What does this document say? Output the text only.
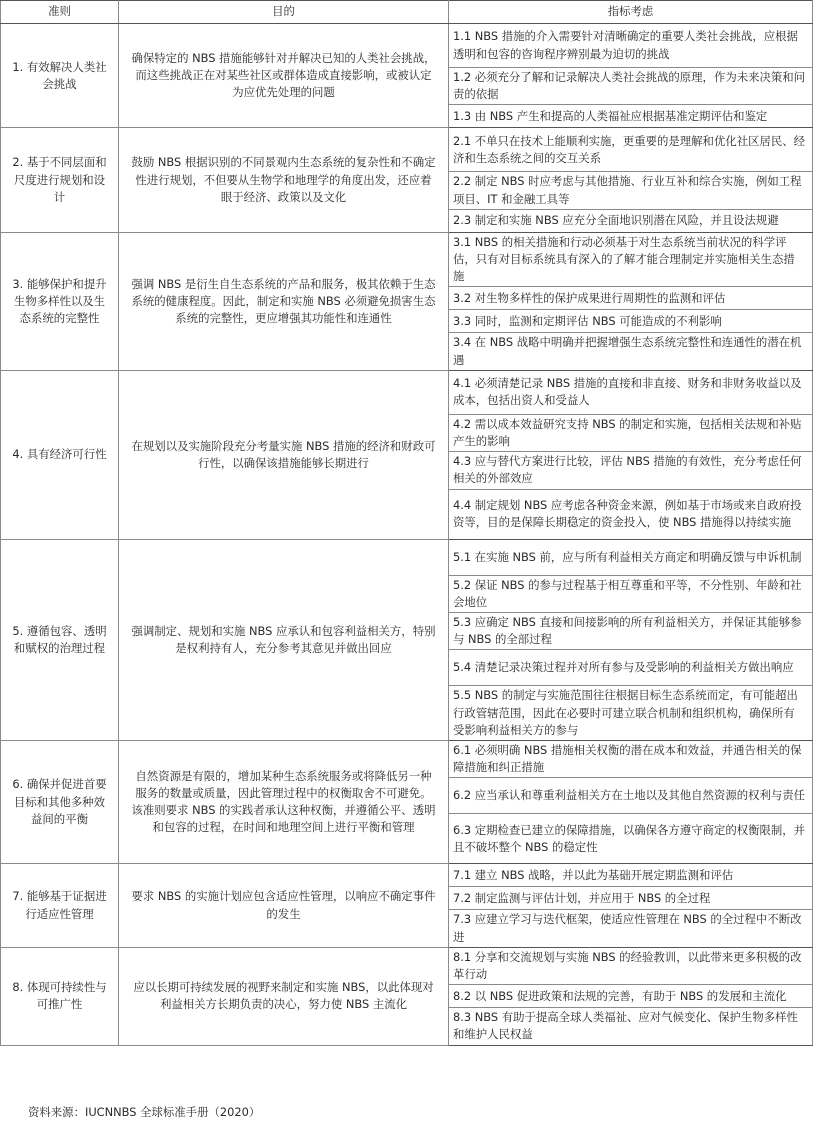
准则	目的	指标考虑
1. 有效解决人类社会挑战	确保特定的 NBS 措施能够针对并解决已知的人类社会挑战，而这些挑战正在对某些社区或群体造成直接影响，或被认定为应优先处理的问题	1.1 NBS 措施的介入需要针对清晰确定的重要人类社会挑战，应根据透明和包容的咨询程序辨别最为迫切的挑战
		1.2 必须充分了解和记录解决人类社会挑战的原理，作为未来决策和问责的依据
		1.3 由 NBS 产生和提高的人类福祉应根据基准定期评估和鉴定
2. 基于不同层面和尺度进行规划和设计	鼓励 NBS 根据识别的不同景观内生态系统的复杂性和不确定性进行规划，不但要从生物学和地理学的角度出发，还应着眼于经济、政策以及文化	2.1 不单只在技术上能顺利实施，更重要的是理解和优化社区居民、经济和生态系统之间的交互关系
		2.2 制定 NBS 时应考虑与其他措施、行业互补和综合实施，例如工程项目、IT 和金融工具等
		2.3 制定和实施 NBS 应充分全面地识别潜在风险，并且设法规避
3. 能够保护和提升生物多样性以及生态系统的完整性	强调 NBS 是衍生自生态系统的产品和服务，极其依赖于生态系统的健康程度。因此，制定和实施 NBS 必须避免损害生态系统的完整性，更应增强其功能性和连通性	3.1 NBS 的相关措施和行动必须基于对生态系统当前状况的科学评估，只有对目标系统具有深入的了解才能合理制定并实施相关生态措施
		3.2 对生物多样性的保护成果进行周期性的监测和评估
		3.3 同时，监测和定期评估 NBS 可能造成的不利影响
		3.4 在 NBS 战略中明确并把握增强生态系统完整性和连通性的潜在机遇
4. 具有经济可行性	在规划以及实施阶段充分考量实施 NBS 措施的经济和财政可行性，以确保该措施能够长期进行	4.1 必须清楚记录 NBS 措施的直接和非直接、财务和非财务收益以及成本，包括出资人和受益人
		4.2 需以成本效益研究支持 NBS 的制定和实施，包括相关法规和补贴产生的影响
		4.3 应与替代方案进行比较，评估 NBS 措施的有效性，充分考虑任何相关的外部效应
		4.4 制定规划 NBS 应考虑各种资金来源，例如基于市场或来自政府投资等，目的是保障长期稳定的资金投入，使 NBS 措施得以持续实施
5. 遵循包容、透明和赋权的治理过程	强调制定、规划和实施 NBS 应承认和包容利益相关方，特别是权利持有人，充分参考其意见并做出回应	5.1 在实施 NBS 前，应与所有利益相关方商定和明确反馈与申诉机制
		5.2 保证 NBS 的参与过程基于相互尊重和平等，不分性别、年龄和社会地位
		5.3 应确定 NBS 直接和间接影响的所有利益相关方，并保证其能够参与 NBS 的全部过程
		5.4 清楚记录决策过程并对所有参与及受影响的利益相关方做出响应
		5.5 NBS 的制定与实施范围往往根据目标生态系统而定，有可能超出行政管辖范围，因此在必要时可建立联合机制和组织机构，确保所有受影响利益相关方的参与
6. 确保并促进首要目标和其他多种效益间的平衡	自然资源是有限的，增加某种生态系统服务或将降低另一种服务的数量或质量，因此管理过程中的权衡取舍不可避免。该准则要求 NBS 的实践者承认这种权衡，并遵循公平、透明和包容的过程，在时间和地理空间上进行平衡和管理	6.1 必须明确 NBS 措施相关权衡的潜在成本和效益，并通告相关的保障措施和纠正措施
		6.2 应当承认和尊重利益相关方在土地以及其他自然资源的权利与责任
		6.3 定期检查已建立的保障措施，以确保各方遵守商定的权衡限制，并且不破坏整个 NBS 的稳定性
7. 能够基于证据进行适应性管理	要求 NBS 的实施计划应包含适应性管理，以响应不确定事件的发生	7.1 建立 NBS 战略，并以此为基础开展定期监测和评估
		7.2 制定监测与评估计划，并应用于 NBS 的全过程
		7.3 应建立学习与迭代框架，使适应性管理在 NBS 的全过程中不断改进
8. 体现可持续性与可推广性	应以长期可持续发展的视野来制定和实施 NBS，以此体现对利益相关方长期负责的决心，努力使 NBS 主流化	8.1 分享和交流规划与实施 NBS 的经验教训，以此带来更多积极的改革行动
		8.2 以 NBS 促进政策和法规的完善，有助于 NBS 的发展和主流化
		8.3 NBS 有助于提高全球人类福祉、应对气候变化、保护生物多样性和维护人民权益
资料来源：IUCNNBS 全球标准手册（2020）
